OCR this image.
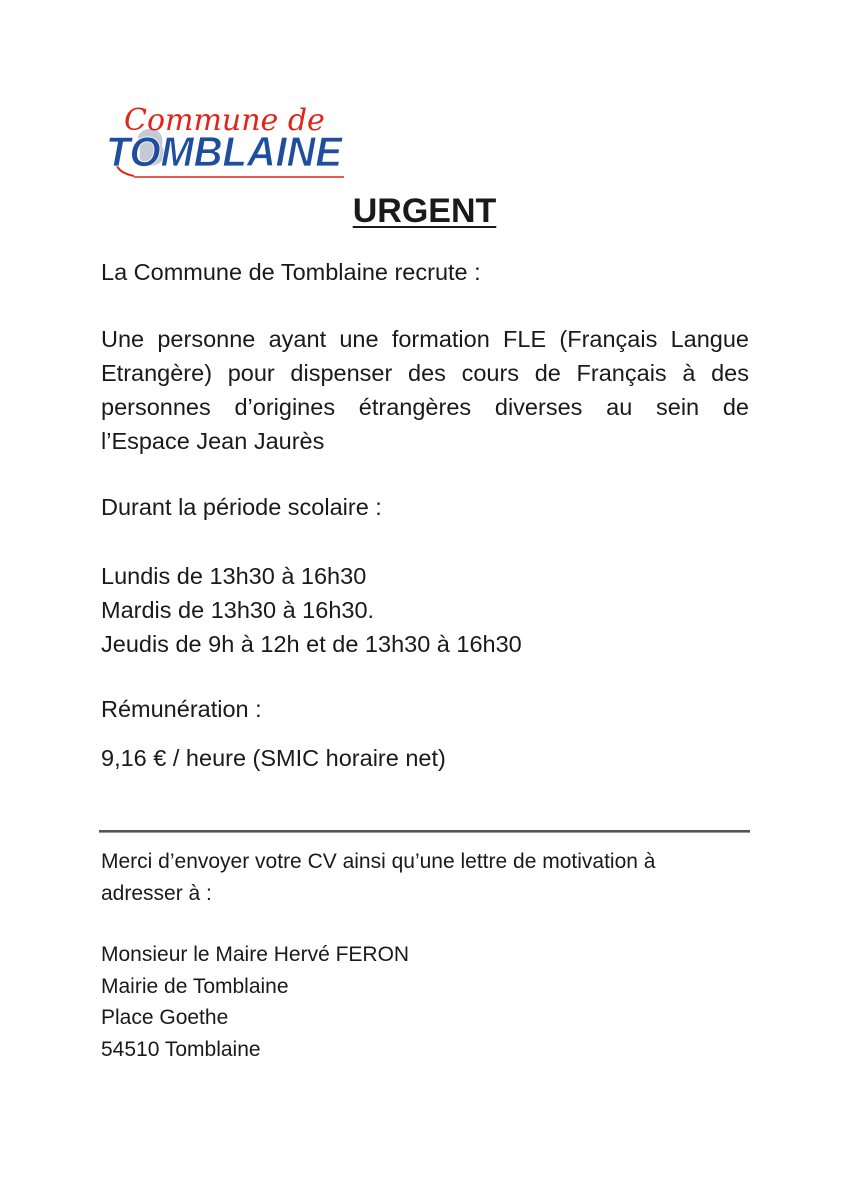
Commune de
TOMBLAINE
URGENT

La Commune de Tomblaine recrute :

Une personne ayant une formation FLE (Français Langue
Etrangère) pour dispenser des cours de Français à des
personnes d’origines étrangères diverses au sein de
l’Espace Jean Jaurès

Durant la période scolaire :

Lundis de 13h30 à 16h30
Mardis de 13h30 à 16h30.
Jeudis de 9h à 12h et de 13h30 à 16h30

Rémunération :

9,16 € / heure (SMIC horaire net)

Merci d’envoyer votre CV ainsi qu’une lettre de motivation à
adresser à :
Monsieur le Maire Hervé FERON
Mairie de Tomblaine
Place Goethe
54510 Tomblaine
